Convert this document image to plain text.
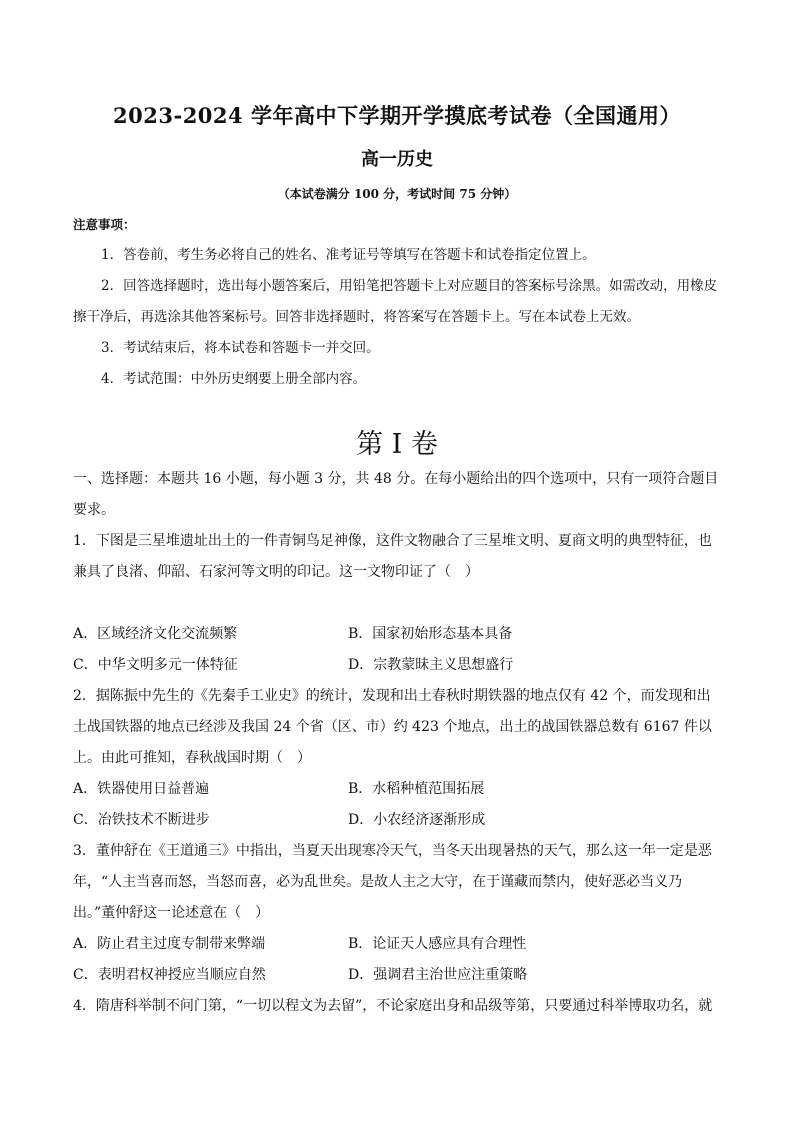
2023-2024 学年高中下学期开学摸底考试卷（全国通用）
高一历史
（本试卷满分 100 分，考试时间 75 分钟）
注意事项：

1．答卷前，考生务必将自己的姓名、准考证号等填写在答题卡和试卷指定位置上。

2．回答选择题时，选出每小题答案后，用铅笔把答题卡上对应题目的答案标号涂黑。如需改动，用橡皮擦干净后，再选涂其他答案标号。回答非选择题时，将答案写在答题卡上。写在本试卷上无效。

3．考试结束后，将本试卷和答题卡一并交回。

4．考试范围：中外历史纲要上册全部内容。

第 I 卷

一、选择题：本题共 16 小题，每小题 3 分，共 48 分。在每小题给出的四个选项中，只有一项符合题目要求。

1．下图是三星堆遗址出土的一件青铜鸟足神像，这件文物融合了三星堆文明、夏商文明的典型特征，也兼具了良渚、仰韶、石家河等文明的印记。这一文物印证了（　）

A．区域经济文化交流频繁	B．国家初始形态基本具备
C．中华文明多元一体特征	D．宗教蒙昧主义思想盛行

2．据陈振中先生的《先秦手工业史》的统计，发现和出土春秋时期铁器的地点仅有 42 个，而发现和出土战国铁器的地点已经涉及我国 24 个省（区、市）约 423 个地点，出土的战国铁器总数有 6167 件以上。由此可推知，春秋战国时期（　）

A．铁器使用日益普遍	B．水稻种植范围拓展
C．冶铁技术不断进步	D．小农经济逐渐形成

3．董仲舒在《王道通三》中指出，当夏天出现寒冷天气，当冬天出现暑热的天气，那么这一年一定是恶年，“人主当喜而怒，当怒而喜，必为乱世矣。是故人主之大守，在于谨藏而禁内，使好恶必当义乃出。”董仲舒这一论述意在（　）

A．防止君主过度专制带来弊端	B．论证天人感应具有合理性
C．表明君权神授应当顺应自然	D．强调君主治世应注重策略

4．隋唐科举制不问门第，“一切以程文为去留”，不论家庭出身和品级等第，只要通过科举博取功名，就
